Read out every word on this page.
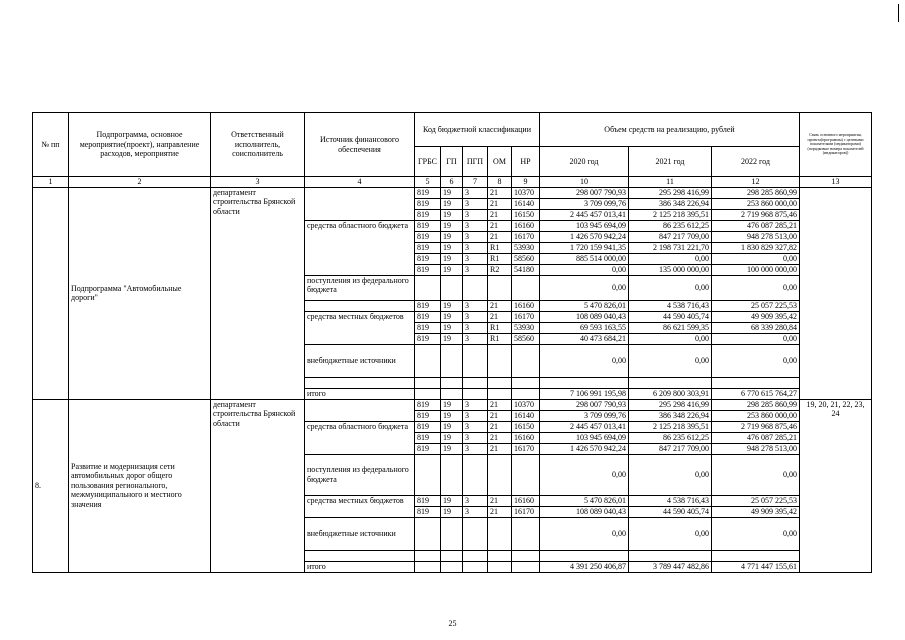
№ пп	Подпрограмма, основное мероприятие(проект), направление расходов, мероприятие	Ответственный исполнитель, соисполнитель	Источник финансового обеспечения	Код бюджетной классификации					Объем средств на реализацию, рублей			Связь основного мероприятия, проекта(программы) с целевыми показателями (индикаторами) (порядковые номера показателей (индикаторов))
				ГРБС	ГП	ПГП	ОМ	НР	2020 год	2021 год	2022 год	
1	2	3	4	5	6	7	8	9	10	11	12	13
	Подпрограмма "Автомобильные дороги"	департамент строительства Брянской области		819	19	3	21	10370	298 007 790,93	295 298 416,99	298 285 860,99	
				819	19	3	21	16140	3 709 099,76	386 348 226,94	253 860 000,00	
				819	19	3	21	16150	2 445 457 013,41	2 125 218 395,51	2 719 968 875,46	
			средства областного бюджета	819	19	3	21	16160	103 945 694,09	86 235 612,25	476 087 285,21	
				819	19	3	21	16170	1 426 570 942,24	847 217 709,00	948 278 513,00	
				819	19	3	R1	53930	1 720 159 941,35	2 198 731 221,70	1 830 829 327,82	
				819	19	3	R1	58560	885 514 000,00	0,00	0,00	
				819	19	3	R2	54180	0,00	135 000 000,00	100 000 000,00	
			поступления из федерального бюджета						0,00	0,00	0,00	
				819	19	3	21	16160	5 470 826,01	4 538 716,43	25 057 225,53	
			средства местных бюджетов	819	19	3	21	16170	108 089 040,43	44 590 405,74	49 909 395,42	
				819	19	3	R1	53930	69 593 163,55	86 621 599,35	68 339 280,84	
				819	19	3	R1	58560	40 473 684,21	0,00	0,00	
			внебюджетные источники						0,00	0,00	0,00	

			итого						7 106 991 195,98	6 209 800 303,91	6 770 615 764,27	
8.	Развитие и модернизация сети автомобильных дорог общего пользования регионального, межмуниципального и местного значения	департамент строительства Брянской области		819	19	3	21	10370	298 007 790,93	295 298 416,99	298 285 860,99	19, 20, 21, 22, 23, 24
				819	19	3	21	16140	3 709 099,76	386 348 226,94	253 860 000,00	
			средства областного бюджета	819	19	3	21	16150	2 445 457 013,41	2 125 218 395,51	2 719 968 875,46	
				819	19	3	21	16160	103 945 694,09	86 235 612,25	476 087 285,21	
				819	19	3	21	16170	1 426 570 942,24	847 217 709,00	948 278 513,00	
			поступления из федерального бюджета						0,00	0,00	0,00	
			средства местных бюджетов	819	19	3	21	16160	5 470 826,01	4 538 716,43	25 057 225,53	
				819	19	3	21	16170	108 089 040,43	44 590 405,74	49 909 395,42	
			внебюджетные источники						0,00	0,00	0,00	

			итого						4 391 250 406,87	3 789 447 482,86	4 771 447 155,61	
25
